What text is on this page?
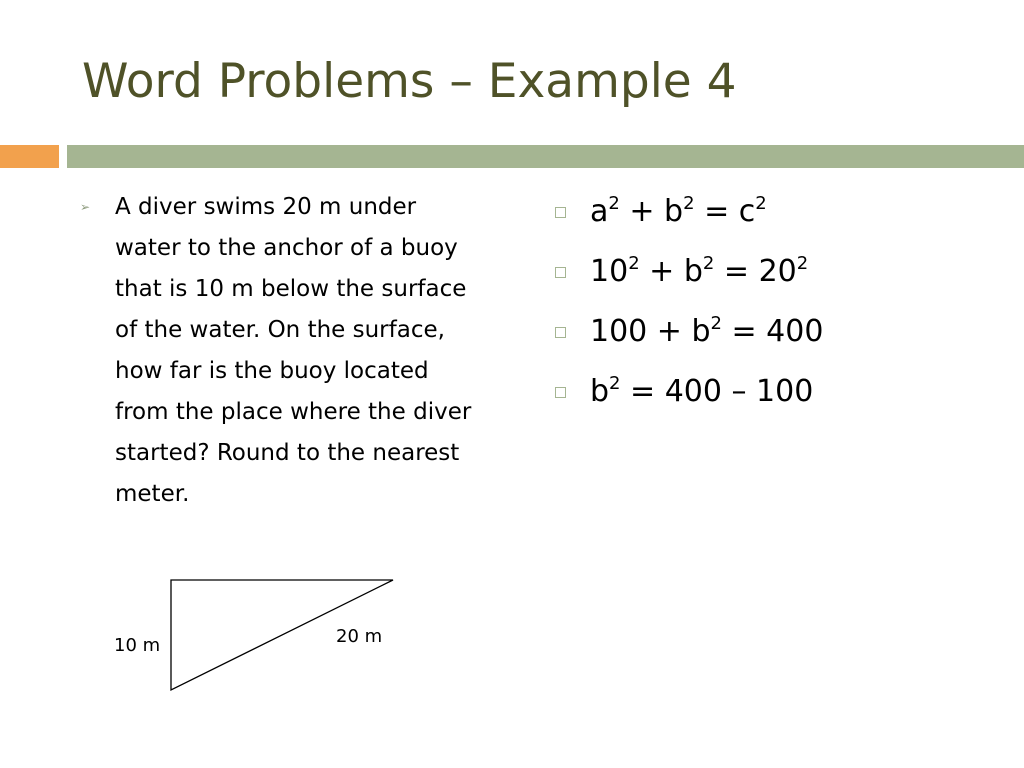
Word Problems – Example 4
➢ A diver swims 20 m under water to the anchor of a buoy that is 10 m below the surface of the water. On the surface, how far is the buoy located from the place where the diver started? Round to the nearest meter.

$a^2 + b^2 = c^2$
$10^2 + b^2 = 20^2$
$100 + b^2 = 400$
$b^2 = 400 - 100$
10 m	20 m
